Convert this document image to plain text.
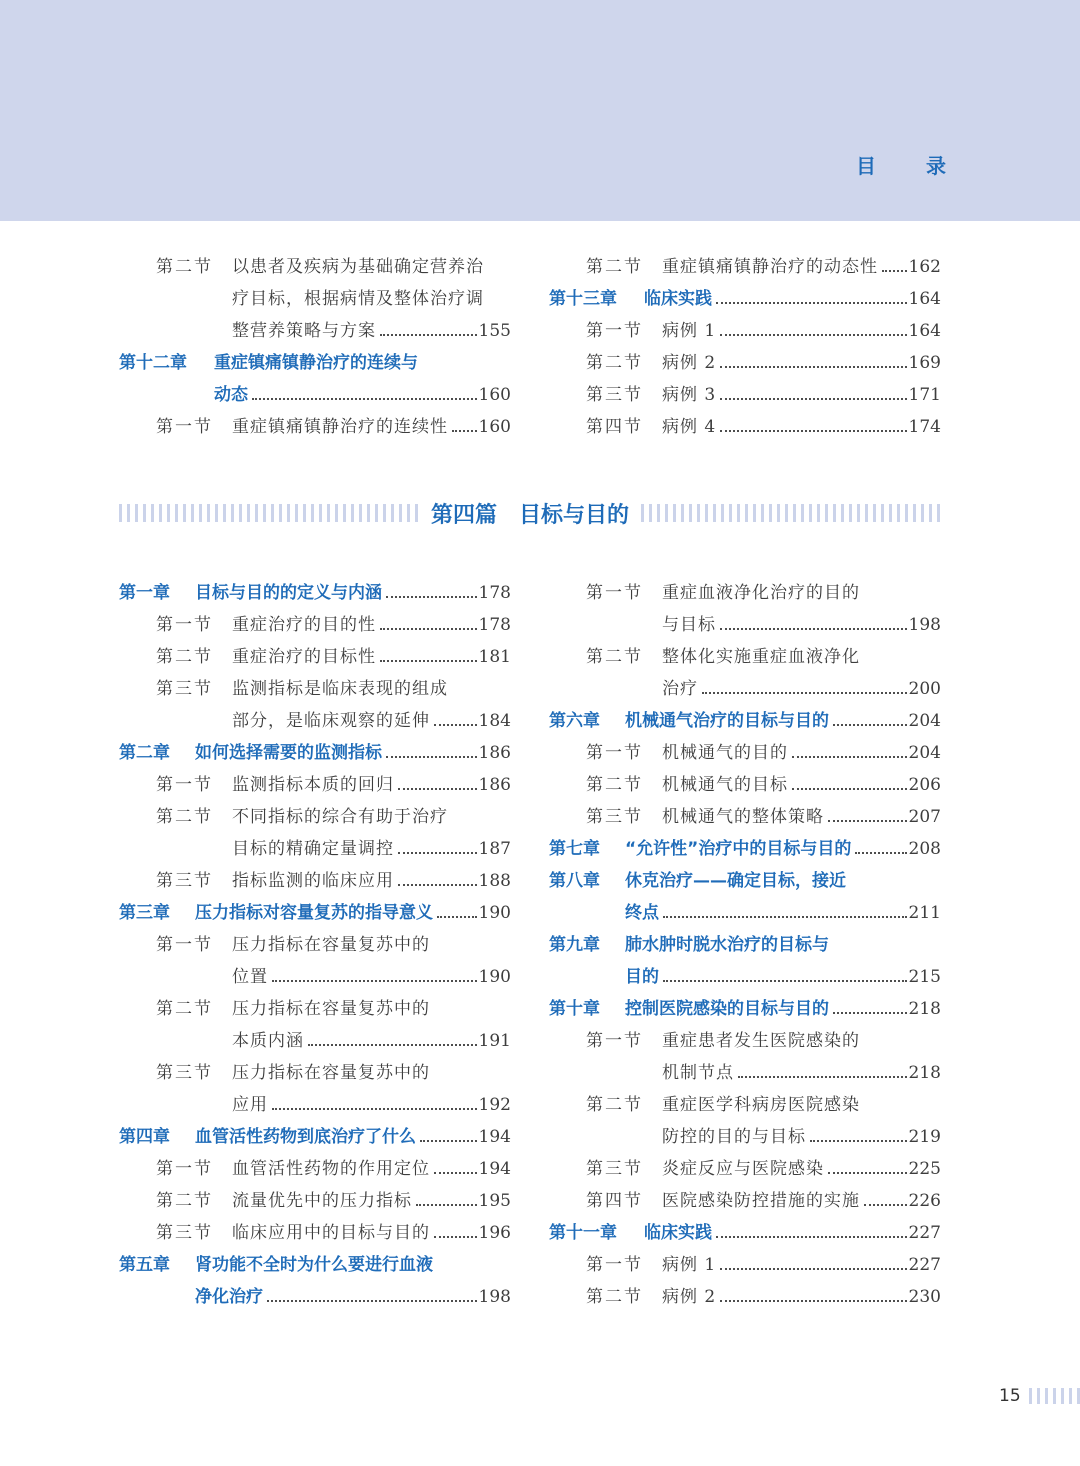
目	录
第二节	以患者及疾病为基础确定营养治
疗目标，根据病情及整体治疗调
整营养策略与方案	155
第十二章	重症镇痛镇静治疗的连续与
动态	160
第一节	重症镇痛镇静治疗的连续性 160
第二节	重症镇痛镇静治疗的动态性 162
第十三章	临床实践	164
第一节	病例 1	164
第二节	病例 2	169
第三节	病例 3	171
第四节	病例 4	174
第四篇 目标与目的
第一章	目标与目的的定义与内涵	178
第一节	重症治疗的目的性	178
第二节	重症治疗的目标性	181
第三节	监测指标是临床表现的组成
部分，是临床观察的延伸	184
第二章	如何选择需要的监测指标	186
第一节	监测指标本质的回归	186
第二节	不同指标的综合有助于治疗
目标的精确定量调控	187
第三节	指标监测的临床应用	188
第三章	压力指标对容量复苏的指导意义	190
第一节	压力指标在容量复苏中的
位置	190
第二节	压力指标在容量复苏中的
本质内涵	191
第三节	压力指标在容量复苏中的
应用	192
第四章	血管活性药物到底治疗了什么	194
第一节	血管活性药物的作用定位	194
第二节	流量优先中的压力指标	195
第三节	临床应用中的目标与目的	196
第五章	肾功能不全时为什么要进行血液
净化治疗	198
第一节	重症血液净化治疗的目的
与目标	198
第二节	整体化实施重症血液净化
治疗	200
第六章	机械通气治疗的目标与目的	204
第一节	机械通气的目的	204
第二节	机械通气的目标	206
第三节	机械通气的整体策略	207
第七章	“允许性”治疗中的目标与目的	208
第八章	休克治疗——确定目标，接近
终点	211
第九章	肺水肿时脱水治疗的目标与
目的	215
第十章	控制医院感染的目标与目的	218
第一节	重症患者发生医院感染的
机制节点	218
第二节	重症医学科病房医院感染
防控的目的与目标	219
第三节	炎症反应与医院感染	225
第四节	医院感染防控措施的实施	226
第十一章	临床实践	227
第一节	病例 1	227
第二节	病例 2	230
15
